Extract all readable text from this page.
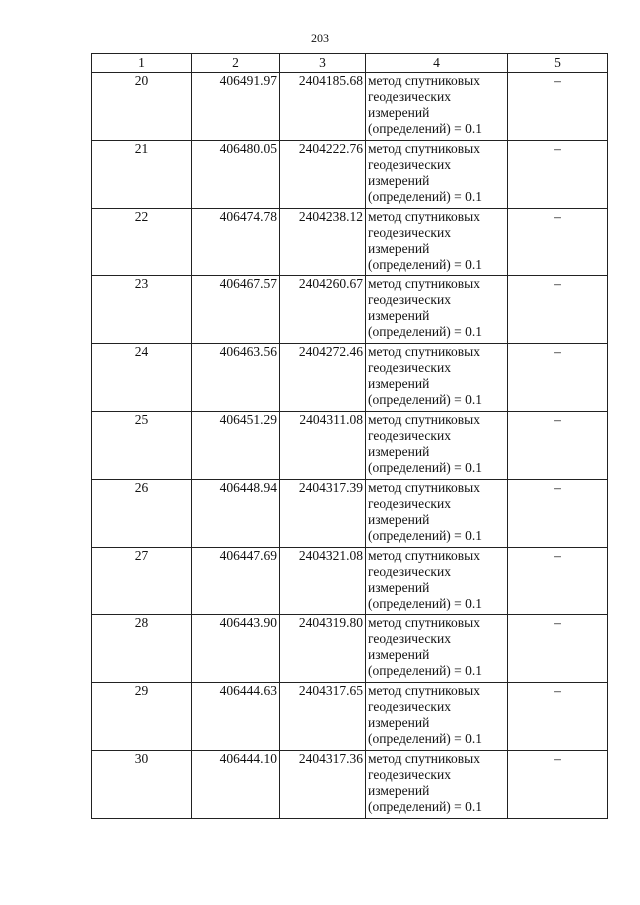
203
1	2	3	4	5
20	406491.97	2404185.68	метод спутниковых геодезических измерений (определений) = 0.1	–
21	406480.05	2404222.76	метод спутниковых геодезических измерений (определений) = 0.1	–
22	406474.78	2404238.12	метод спутниковых геодезических измерений (определений) = 0.1	–
23	406467.57	2404260.67	метод спутниковых геодезических измерений (определений) = 0.1	–
24	406463.56	2404272.46	метод спутниковых геодезических измерений (определений) = 0.1	–
25	406451.29	2404311.08	метод спутниковых геодезических измерений (определений) = 0.1	–
26	406448.94	2404317.39	метод спутниковых геодезических измерений (определений) = 0.1	–
27	406447.69	2404321.08	метод спутниковых геодезических измерений (определений) = 0.1	–
28	406443.90	2404319.80	метод спутниковых геодезических измерений (определений) = 0.1	–
29	406444.63	2404317.65	метод спутниковых геодезических измерений (определений) = 0.1	–
30	406444.10	2404317.36	метод спутниковых геодезических измерений (определений) = 0.1	–
